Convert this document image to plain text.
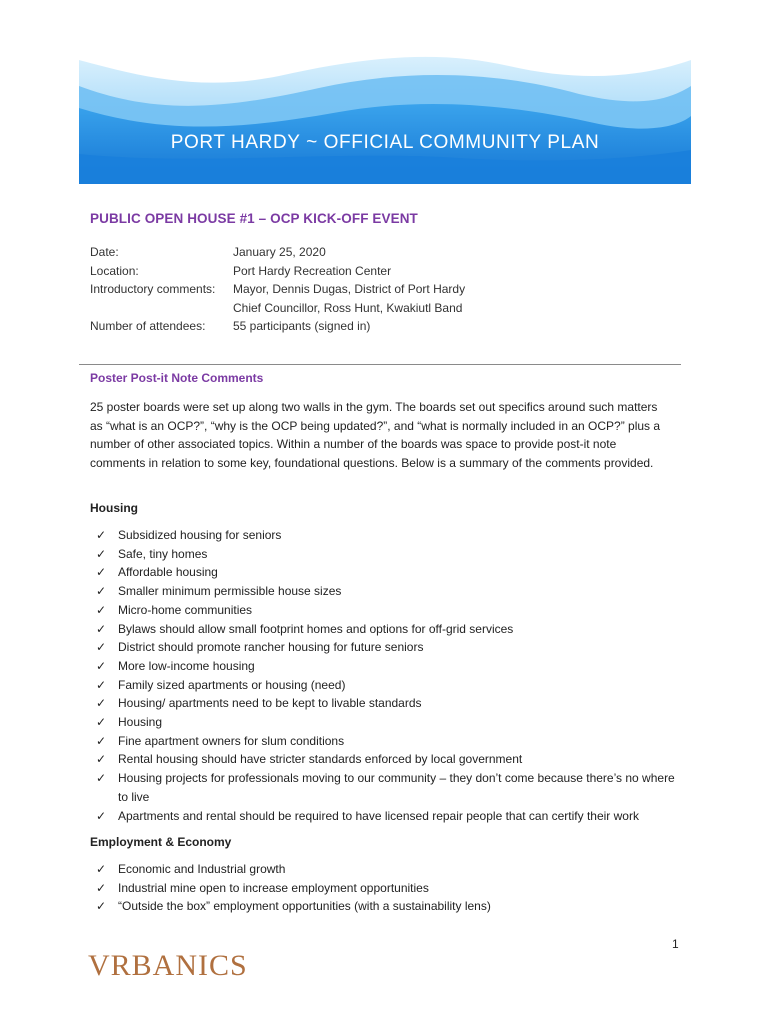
PORT HARDY ~ OFFICIAL COMMUNITY PLAN
PUBLIC OPEN HOUSE #1 – OCP KICK-OFF EVENT
Date:	January 25, 2020
Location:	Port Hardy Recreation Center
Introductory comments:	Mayor, Dennis Dugas, District of Port Hardy
Chief Councillor, Ross Hunt, Kwakiutl Band
Number of attendees:	55 participants (signed in)
Poster Post-it Note Comments
25 poster boards were set up along two walls in the gym. The boards set out specifics around such matters as “what is an OCP?”, “why is the OCP being updated?”, and “what is normally included in an OCP?” plus a number of other associated topics. Within a number of the boards was space to provide post-it note comments in relation to some key, foundational questions. Below is a summary of the comments provided.
Housing
✓ Subsidized housing for seniors
✓ Safe, tiny homes
✓ Affordable housing
✓ Smaller minimum permissible house sizes
✓ Micro-home communities
✓ Bylaws should allow small footprint homes and options for off-grid services
✓ District should promote rancher housing for future seniors
✓ More low-income housing
✓ Family sized apartments or housing (need)
✓ Housing/ apartments need to be kept to livable standards
✓ Housing
✓ Fine apartment owners for slum conditions
✓ Rental housing should have stricter standards enforced by local government
✓ Housing projects for professionals moving to our community – they don’t come because there’s no where to live
✓ Apartments and rental should be required to have licensed repair people that can certify their work
Employment & Economy
✓ Economic and Industrial growth
✓ Industrial mine open to increase employment opportunities
✓ “Outside the box” employment opportunities (with a sustainability lens)
1
VRBANICS
